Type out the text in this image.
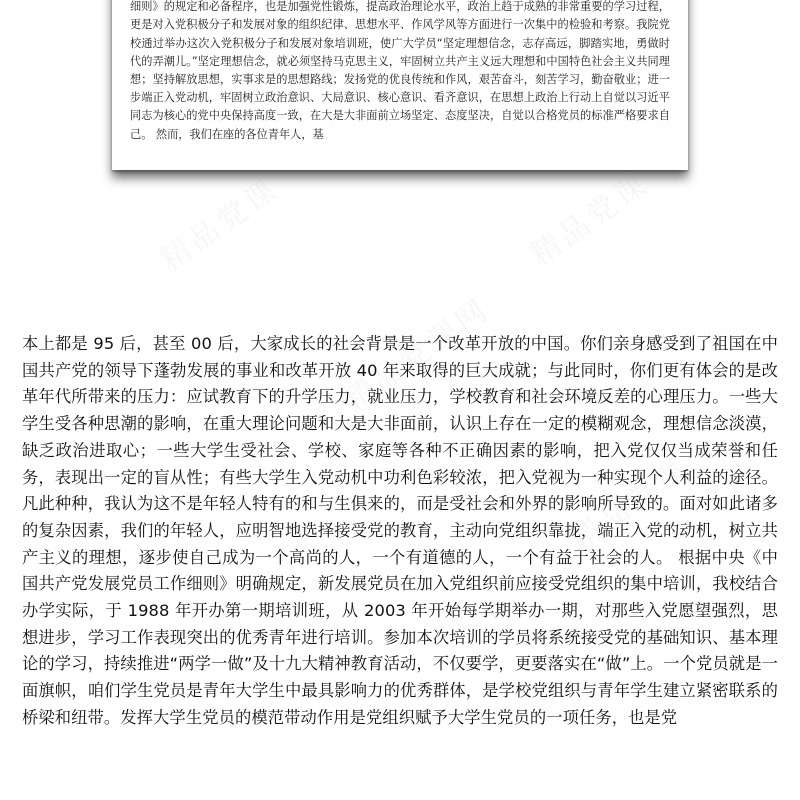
细则》的规定和必备程序，也是加强党性锻炼，提高政治理论水平，政治上趋于成熟的非常重要的学习过程，更是对入党积极分子和发展对象的组织纪律、思想水平、作风学风等方面进行一次集中的检验和考察。我院党校通过举办这次入党积极分子和发展对象培训班，使广大学员“坚定理想信念，志存高远，脚踏实地，勇做时代的弄潮儿。”坚定理想信念，就必须坚持马克思主义，牢固树立共产主义远大理想和中国特色社会主义共同理想；坚持解放思想，实事求是的思想路线；发扬党的优良传统和作风，艰苦奋斗，刻苦学习，勤奋敬业；进一步端正入党动机，牢固树立政治意识、大局意识、核心意识、看齐意识，在思想上政治上行动上自觉以习近平同志为核心的党中央保持高度一致，在大是大非面前立场坚定、态度坚决，自觉以合格党员的标准严格要求自己。 然而，我们在座的各位青年人，基

精品党课	精品党课
精品党课网
精品党课

本上都是 95 后，甚至 00 后，大家成长的社会背景是一个改革开放的中国。你们亲身感受到了祖国在中国共产党的领导下蓬勃发展的事业和改革开放 40 年来取得的巨大成就；与此同时，你们更有体会的是改革年代所带来的压力：应试教育下的升学压力，就业压力，学校教育和社会环境反差的心理压力。一些大学生受各种思潮的影响，在重大理论问题和大是大非面前，认识上存在一定的模糊观念，理想信念淡漠，缺乏政治进取心；一些大学生受社会、学校、家庭等各种不正确因素的影响，把入党仅仅当成荣誉和任务，表现出一定的盲从性；有些大学生入党动机中功利色彩较浓，把入党视为一种实现个人利益的途径。凡此种种，我认为这不是年轻人特有的和与生俱来的，而是受社会和外界的影响所导致的。面对如此诸多的复杂因素，我们的年轻人，应明智地选择接受党的教育，主动向党组织靠拢，端正入党的动机，树立共产主义的理想，逐步使自己成为一个高尚的人，一个有道德的人，一个有益于社会的人。 根据中央《中国共产党发展党员工作细则》明确规定，新发展党员在加入党组织前应接受党组织的集中培训，我校结合办学实际，于 1988 年开办第一期培训班，从 2003 年开始每学期举办一期，对那些入党愿望强烈，思想进步，学习工作表现突出的优秀青年进行培训。参加本次培训的学员将系统接受党的基础知识、基本理论的学习，持续推进“两学一做”及十九大精神教育活动，不仅要学，更要落实在“做”上。一个党员就是一面旗帜，咱们学生党员是青年大学生中最具影响力的优秀群体，是学校党组织与青年学生建立紧密联系的桥梁和纽带。发挥大学生党员的模范带动作用是党组织赋予大学生党员的一项任务，也是党
